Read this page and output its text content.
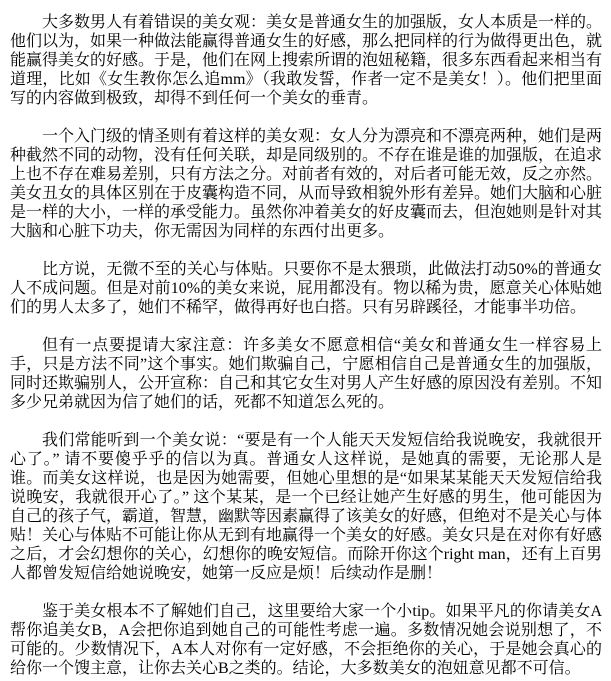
大多数男人有着错误的美女观：美女是普通女生的加强版，女人本质是一样的。他们以为，如果一种做法能赢得普通女生的好感，那么把同样的行为做得更出色，就能赢得美女的好感。于是，他们在网上搜索所谓的泡妞秘籍，很多东西看起来相当有道理，比如《女生教你怎么追mm》（我敢发誓，作者一定不是美女！）。他们把里面写的内容做到极致，却得不到任何一个美女的垂青。

一个入门级的情圣则有着这样的美女观：女人分为漂亮和不漂亮两种，她们是两种截然不同的动物，没有任何关联，却是同级别的。不存在谁是谁的加强版，在追求上也不存在难易差别，只有方法之分。对前者有效的，对后者可能无效，反之亦然。美女丑女的具体区别在于皮囊构造不同，从而导致相貌外形有差异。她们大脑和心脏是一样的大小，一样的承受能力。虽然你冲着美女的好皮囊而去，但泡她则是针对其大脑和心脏下功夫，你无需因为同样的东西付出更多。

比方说，无微不至的关心与体贴。只要你不是太猥琐，此做法打动50%的普通女人不成问题。但是对前10%的美女来说，屁用都没有。物以稀为贵，愿意关心体贴她们的男人太多了，她们不稀罕，做得再好也白搭。只有另辟蹊径，才能事半功倍。

但有一点要提请大家注意：许多美女不愿意相信“美女和普通女生一样容易上手，只是方法不同”这个事实。她们欺骗自己，宁愿相信自己是普通女生的加强版，同时还欺骗别人，公开宣称：自己和其它女生对男人产生好感的原因没有差别。不知多少兄弟就因为信了她们的话，死都不知道怎么死的。

我们常能听到一个美女说：“要是有一个人能天天发短信给我说晚安，我就很开心了。” 请不要傻乎乎的信以为真。普通女人这样说，是她真的需要，无论那人是谁。而美女这样说，也是因为她需要，但她心里想的是“如果某某能天天发短信给我说晚安，我就很开心了。” 这个某某，是一个已经让她产生好感的男生，他可能因为自己的孩子气，霸道，智慧，幽默等因素赢得了该美女的好感，但绝对不是关心与体贴！关心与体贴不可能让你从无到有地赢得一个美女的好感。美女只是在对你有好感之后，才会幻想你的关心，幻想你的晚安短信。而除开你这个right man，还有上百男人都曾发短信给她说晚安，她第一反应是烦！后续动作是删！

鉴于美女根本不了解她们自己，这里要给大家一个小tip。如果平凡的你请美女A帮你追美女B，A会把你追到她自己的可能性考虑一遍。多数情况她会说别想了，不可能的。少数情况下，A本人对你有一定好感，不会拒绝你的关心，于是她会真心的给你一个馊主意，让你去关心B之类的。结论，大多数美女的泡妞意见都不可信。
